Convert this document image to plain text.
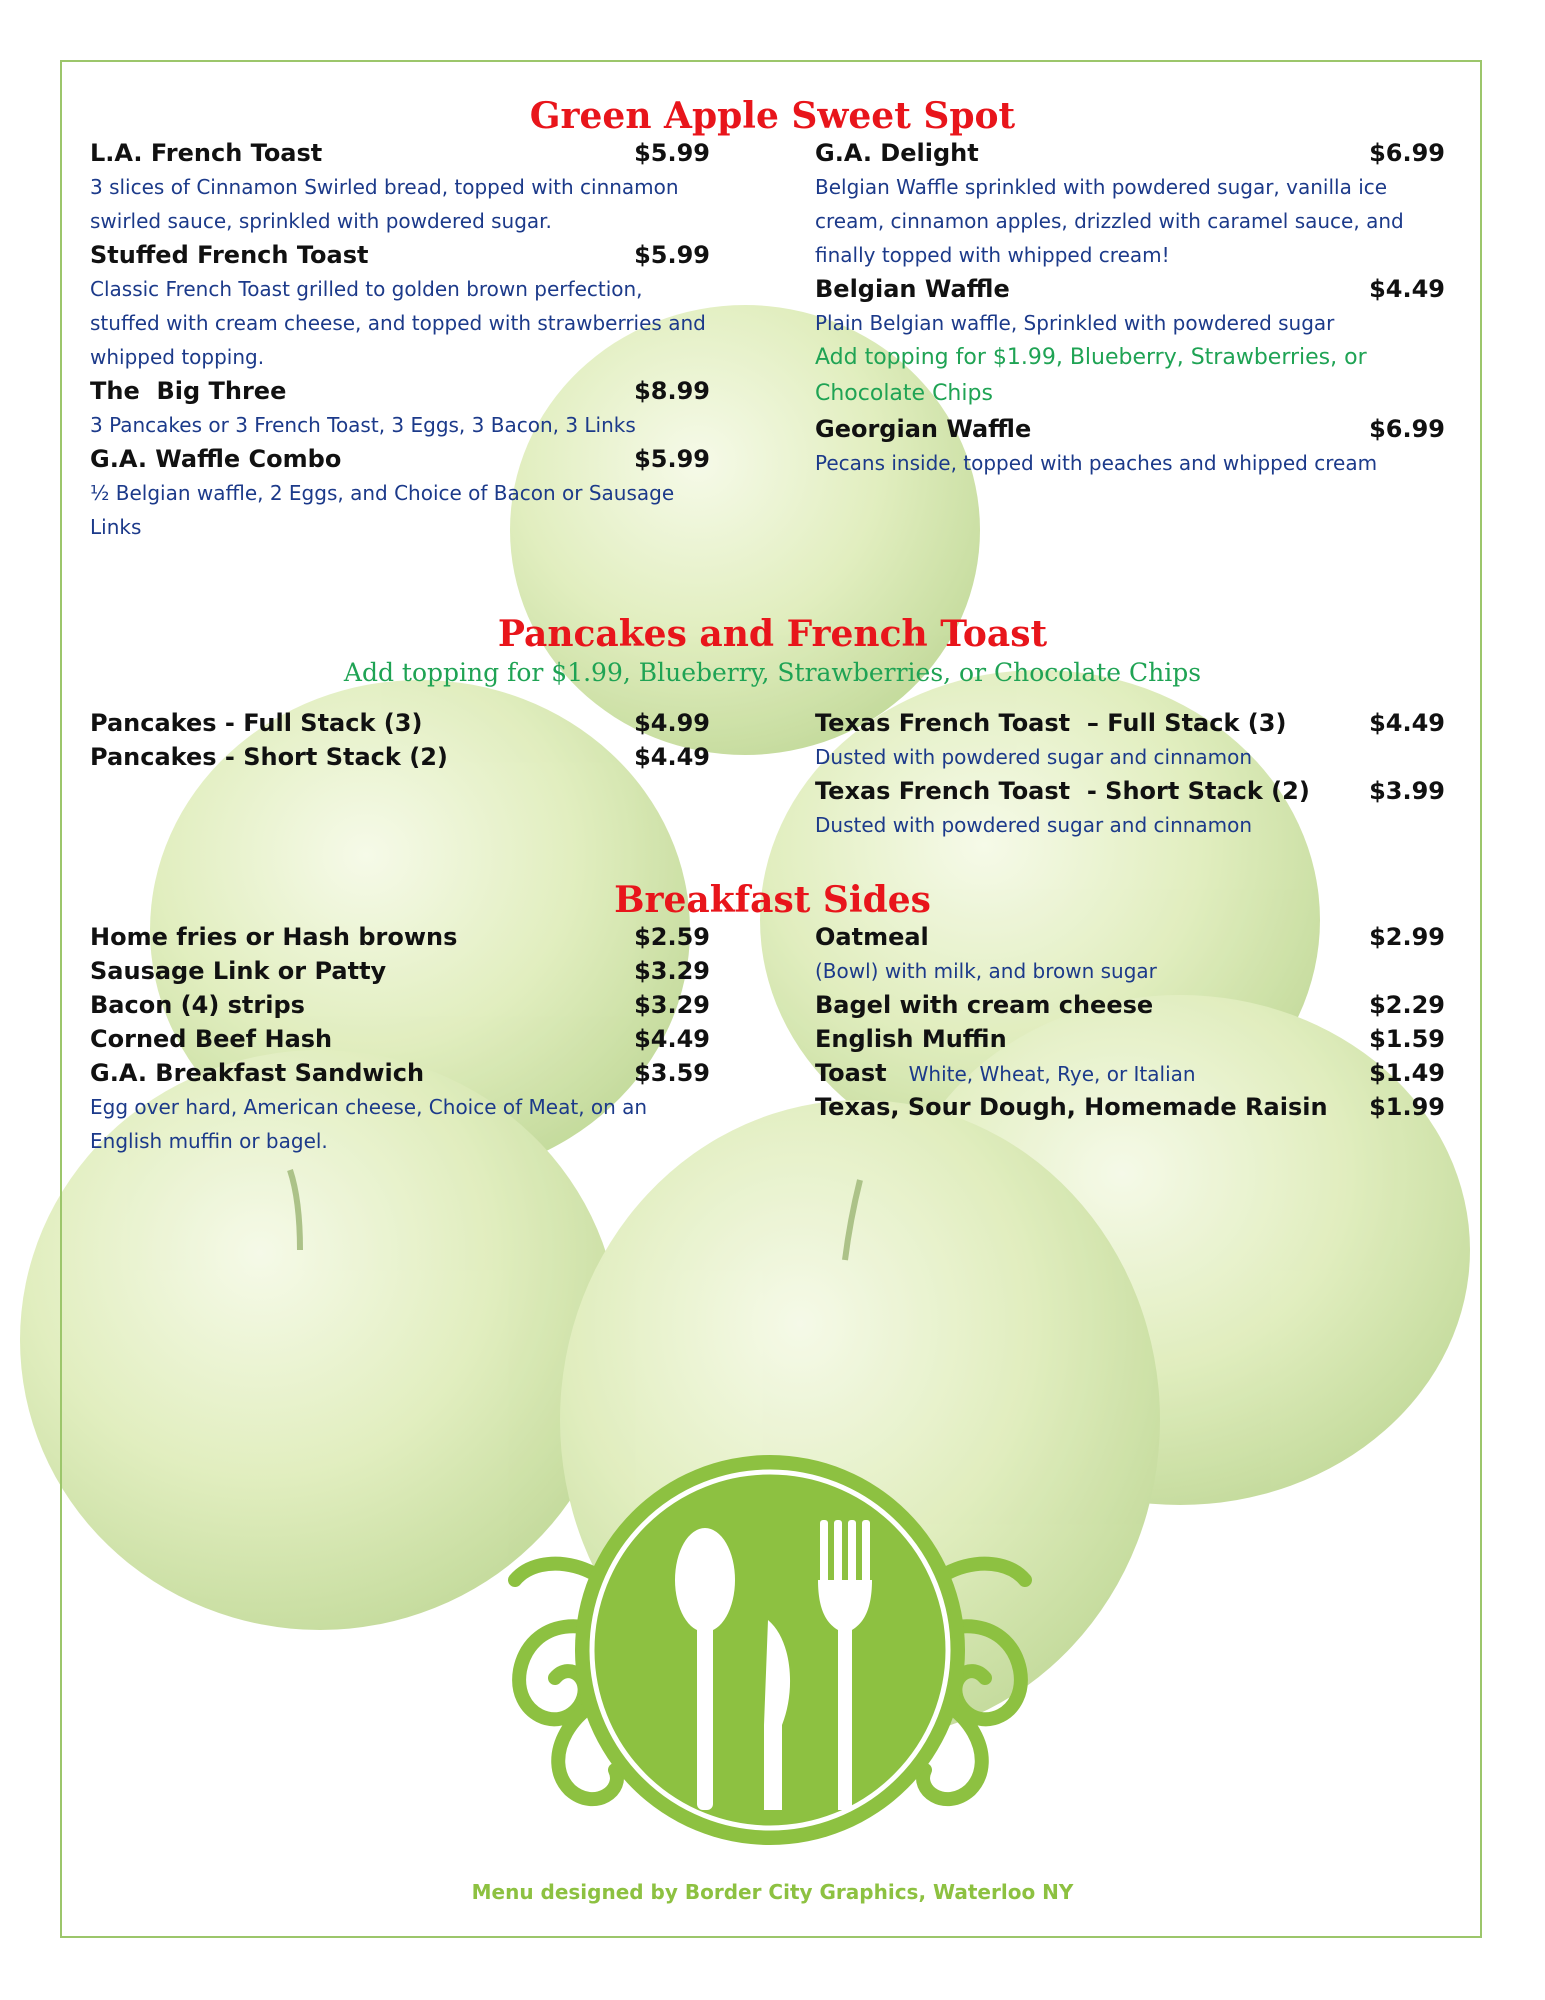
Green Apple Sweet Spot
L.A. French Toast	$5.99
3 slices of Cinnamon Swirled bread, topped with cinnamon swirled sauce, sprinkled with powdered sugar.
Stuffed French Toast	$5.99
Classic French Toast grilled to golden brown perfection, stuffed with cream cheese, and topped with strawberries and whipped topping.
The  Big Three	$8.99
3 Pancakes or 3 French Toast, 3 Eggs, 3 Bacon, 3 Links
G.A. Waffle Combo	$5.99
½ Belgian waffle, 2 Eggs, and Choice of Bacon or Sausage Links
G.A. Delight	$6.99
Belgian Waffle sprinkled with powdered sugar, vanilla ice cream, cinnamon apples, drizzled with caramel sauce, and finally topped with whipped cream!
Belgian Waffle	$4.49
Plain Belgian waffle, Sprinkled with powdered sugar
Add topping for $1.99, Blueberry, Strawberries, or Chocolate Chips
Georgian Waffle	$6.99
Pecans inside, topped with peaches and whipped cream
Pancakes and French Toast
Add topping for $1.99, Blueberry, Strawberries, or Chocolate Chips
Pancakes - Full Stack (3)	$4.99
Pancakes - Short Stack (2)	$4.49
Texas French Toast  – Full Stack (3)	$4.49
Dusted with powdered sugar and cinnamon
Texas French Toast  - Short Stack (2) $3.99
Dusted with powdered sugar and cinnamon
Breakfast Sides
Home fries or Hash browns	$2.59
Sausage Link or Patty	$3.29
Bacon (4) strips	$3.29
Corned Beef Hash	$4.49
G.A. Breakfast Sandwich	$3.59
Egg over hard, American cheese, Choice of Meat, on an English muffin or bagel.
Oatmeal	$2.99
(Bowl) with milk, and brown sugar
Bagel with cream cheese	$2.29
English Muffin	$1.59
Toast White, Wheat, Rye, or Italian	$1.49
Texas, Sour Dough, Homemade Raisin $1.99
Menu designed by Border City Graphics, Waterloo NY
